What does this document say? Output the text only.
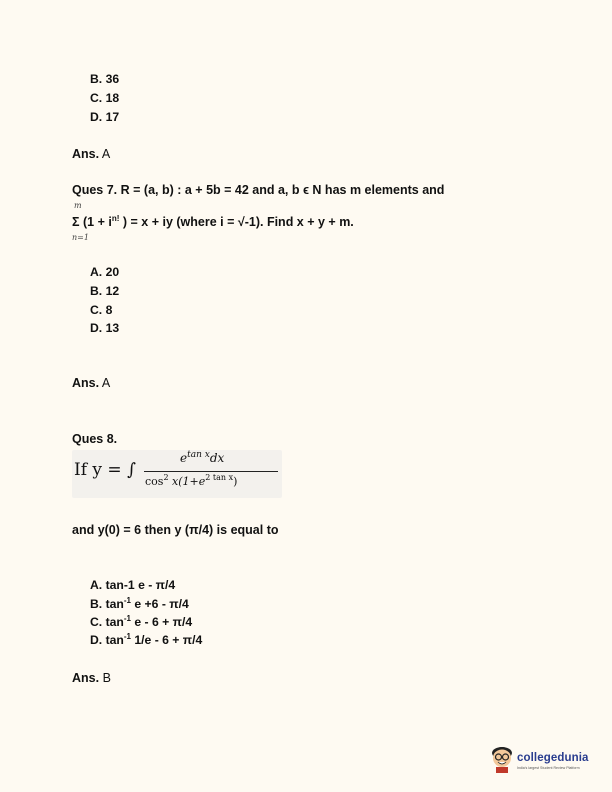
B. 36
C. 18
D. 17
Ans. A
Ques 7. R = (a, b) : a + 5b = 42 and a, b ϵ N has m elements and
m
Σ ($1 + i^{n!}$ ) = x + iy (where i = √-1). Find x + y + m.
n=1
A. 20
B. 12
C. 8
D. 13
Ans. A
Ques 8.
If y = ∫
$e^{tan x}dx$
$\cos^2 x(1+e^{2 tan x})$
and y(0) = 6 then y (π/4) is equal to
A. tan-1 e - π/4
B. $\tan^{-1} e +6 - \pi/4$
C. $\tan^{-1} e - 6 + \pi/4$
D. $\tan^{-1} 1/e - 6 + \pi/4$
Ans. B
collegedunia
India's largest Student Review Platform
